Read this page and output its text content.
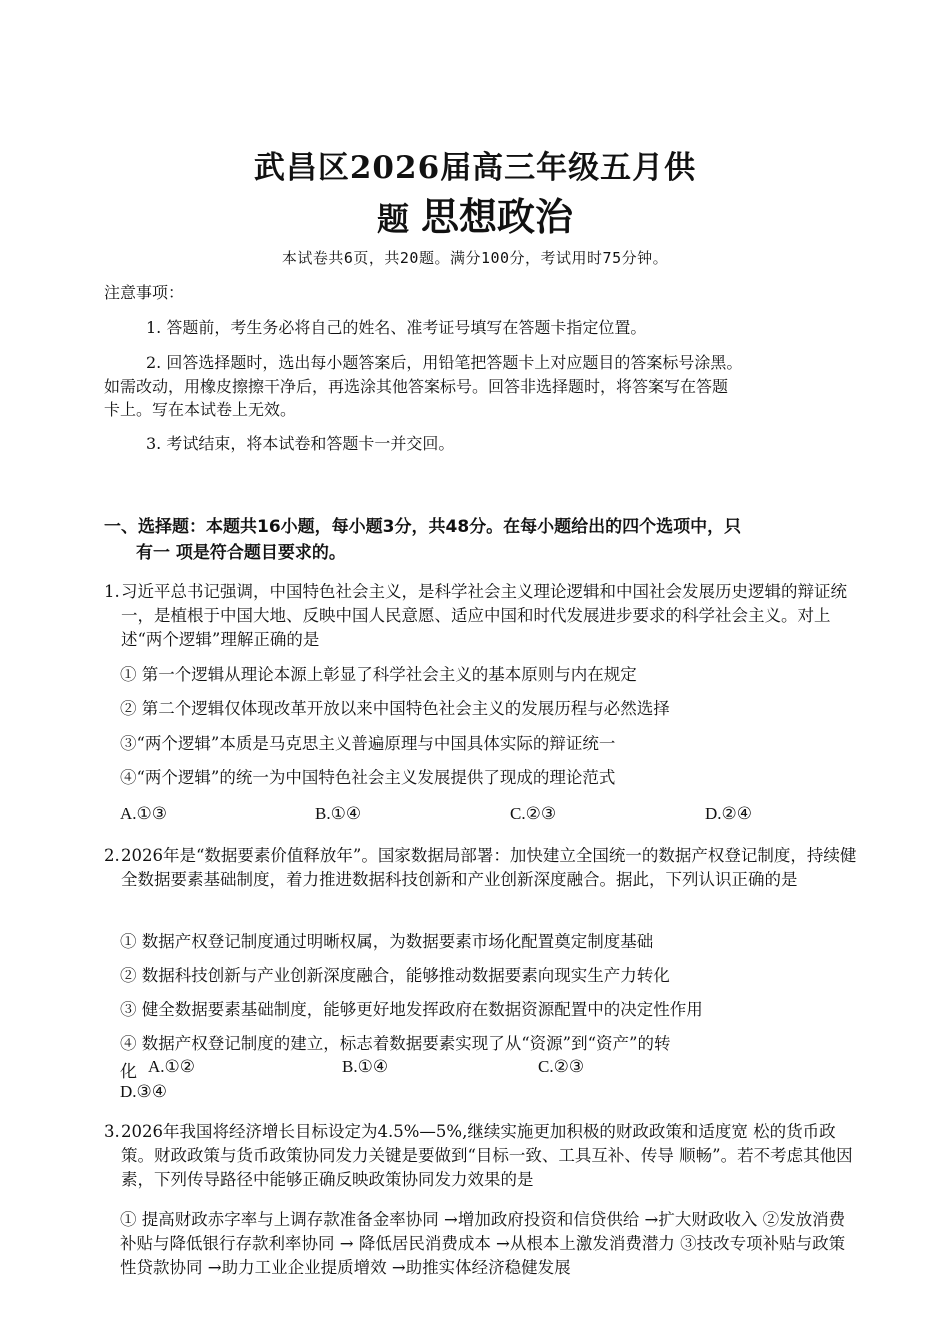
武昌区2026届高三年级五月供
题 思想政治
本试卷共6页，共20题。满分100分，考试用时75分钟。
注意事项：
1. 答题前，考生务必将自己的姓名、准考证号填写在答题卡指定位置。
2. 回答选择题时，选出每小题答案后，用铅笔把答题卡上对应题目的答案标号涂黑。
如需改动，用橡皮擦擦干净后，再选涂其他答案标号。回答非选择题时，将答案写在答题
卡上。写在本试卷上无效。
3. 考试结束，将本试卷和答题卡一并交回。
一、选择题：本题共16小题，每小题3分，共48分。在每小题给出的四个选项中，只
有一 项是符合题目要求的。
1. 习近平总书记强调，中国特色社会主义，是科学社会主义理论逻辑和中国社会发展历史逻辑的辩证统一，是植根于中国大地、反映中国人民意愿、适应中国和时代发展进步要求的科学社会主义。对上述“两个逻辑”理解正确的是
① 第一个逻辑从理论本源上彰显了科学社会主义的基本原则与内在规定
② 第二个逻辑仅体现改革开放以来中国特色社会主义的发展历程与必然选择
③“两个逻辑”本质是马克思主义普遍原理与中国具体实际的辩证统一
④“两个逻辑”的统一为中国特色社会主义发展提供了现成的理论范式
A.①③	B.①④	C.②③	D.②④
2. 2026年是“数据要素价值释放年”。国家数据局部署：加快建立全国统一的数据产权登记制度，持续健全数据要素基础制度，着力推进数据科技创新和产业创新深度融合。据此，下列认识正确的是
① 数据产权登记制度通过明晰权属，为数据要素市场化配置奠定制度基础
② 数据科技创新与产业创新深度融合，能够推动数据要素向现实生产力转化
③ 健全数据要素基础制度，能够更好地发挥政府在数据资源配置中的决定性作用
④ 数据产权登记制度的建立，标志着数据要素实现了从“资源”到“资产”的转
化 A.①②	B.①④	C.②③
D.③④
3. 2026年我国将经济增长目标设定为4.5%—5%,继续实施更加积极的财政政策和适度宽 松的货币政策。财政政策与货币政策协同发力关键是要做到“目标一致、工具互补、传导 顺畅”。若不考虑其他因素，下列传导路径中能够正确反映政策协同发力效果的是
① 提高财政赤字率与上调存款准备金率协同 →增加政府投资和信贷供给 →扩大财政收入 ②发放消费补贴与降低银行存款利率协同 → 降低居民消费成本 →从根本上激发消费潜力 ③技改专项补贴与政策性贷款协同 →助力工业企业提质增效 →助推实体经济稳健发展
